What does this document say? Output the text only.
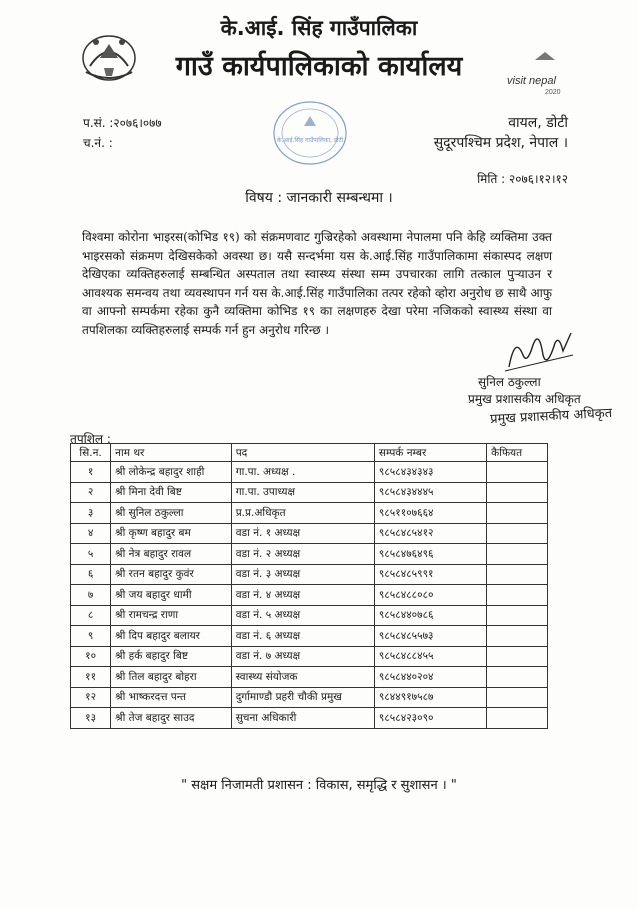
के.आई. सिंह गाउँपालिका
गाउँ कार्यपालिकाको कार्यालय	visit nepal
2020
प.सं. :२०७६।०७७
च.नं. :	के.आई.सिंह गाउँपालिका, डोटी
वायल, डोटी
सुदूरपश्चिम प्रदेश, नेपाल ।
मिति : २०७६।१२।१२
विषय : जानकारी सम्बन्धमा ।
विश्वमा कोरोना भाइरस(कोभिड १९) को संक्रमणवाट गुज्रिरहेको अवस्थामा नेपालमा पनि केहि व्यक्तिमा उक्त भाइरसको संक्रमण देखिसकेको अवस्था छ। यसै सन्दर्भमा यस के.आई.सिंह गाउँपालिकामा संकास्पद लक्षण देखिएका व्यक्तिहरुलाई सम्बन्धित अस्पताल तथा स्वास्थ्य संस्था सम्म उपचारका लागि तत्काल पुर्‍याउन र आवश्यक समन्वय तथा व्यवस्थापन गर्न यस के.आई.सिंह गाउँपालिका तत्पर रहेको व्होरा अनुरोध छ साथै आफु वा आफ्नो सम्पर्कमा रहेका कुनै व्यक्तिमा कोभिड १९ का लक्षणहरु देखा परेमा नजिकको स्वास्थ्य संस्था वा तपशिलका व्यक्तिहरुलाई सम्पर्क गर्न हुन अनुरोध गरिन्छ ।
सुनिल ठकुल्ला
प्रमुख प्रशासकीय अधिकृत
प्रमुख प्रशासकीय अधिकृत
तपशिल :
सि.न.	नाम थर	पद	सम्पर्क नम्बर	कैफियत
१	श्री लोकेन्द्र बहादुर शाही	गा.पा. अध्यक्ष .	९८५८४३४३४३	
२	श्री मिना देवी बिष्ट	गा.पा. उपाध्यक्ष	९८५८४३४४४५	
३	श्री सुनिल ठकुल्ला	प्र.प्र.अधिकृत	९८५११०७६६४	
४	श्री कृष्ण बहादुर बम	वडा नं. १ अध्यक्ष	९८५८४८५४१२	
५	श्री नेत्र बहादुर रावल	वडा नं. २ अध्यक्ष	९८५८४७६४९६	
६	श्री रतन बहादुर कुवंर	वडा नं. ३ अध्यक्ष	९८५८४८५९९१	
७	श्री जय बहादुर धामी	वडा नं. ४ अध्यक्ष	९८५८४८८०८०	
८	श्री रामचन्द्र राणा	वडा नं. ५ अध्यक्ष	९८५८४४०७८६	
९	श्री दिप बहादुर बलायर	वडा नं. ६ अध्यक्ष	९८५८४८५५७३	
१०	श्री हर्क बहादुर बिष्ट	वडा नं. ७ अध्यक्ष	९८५८४८८४५५	
११	श्री तिल बहादुर बोहरा	स्वास्थ्य संयोजक	९८५८४४०२०४	
१२	श्री भाष्करदत्त पन्त	दुर्गामाण्डौ प्रहरी चौकी प्रमुख	९८४४९१७५८७	
१३	श्री तेज बहादुर साउद	सुचना अधिकारी	९८५८४२३०९०	
" सक्षम निजामती प्रशासन : विकास, समृद्धि र सुशासन । "
